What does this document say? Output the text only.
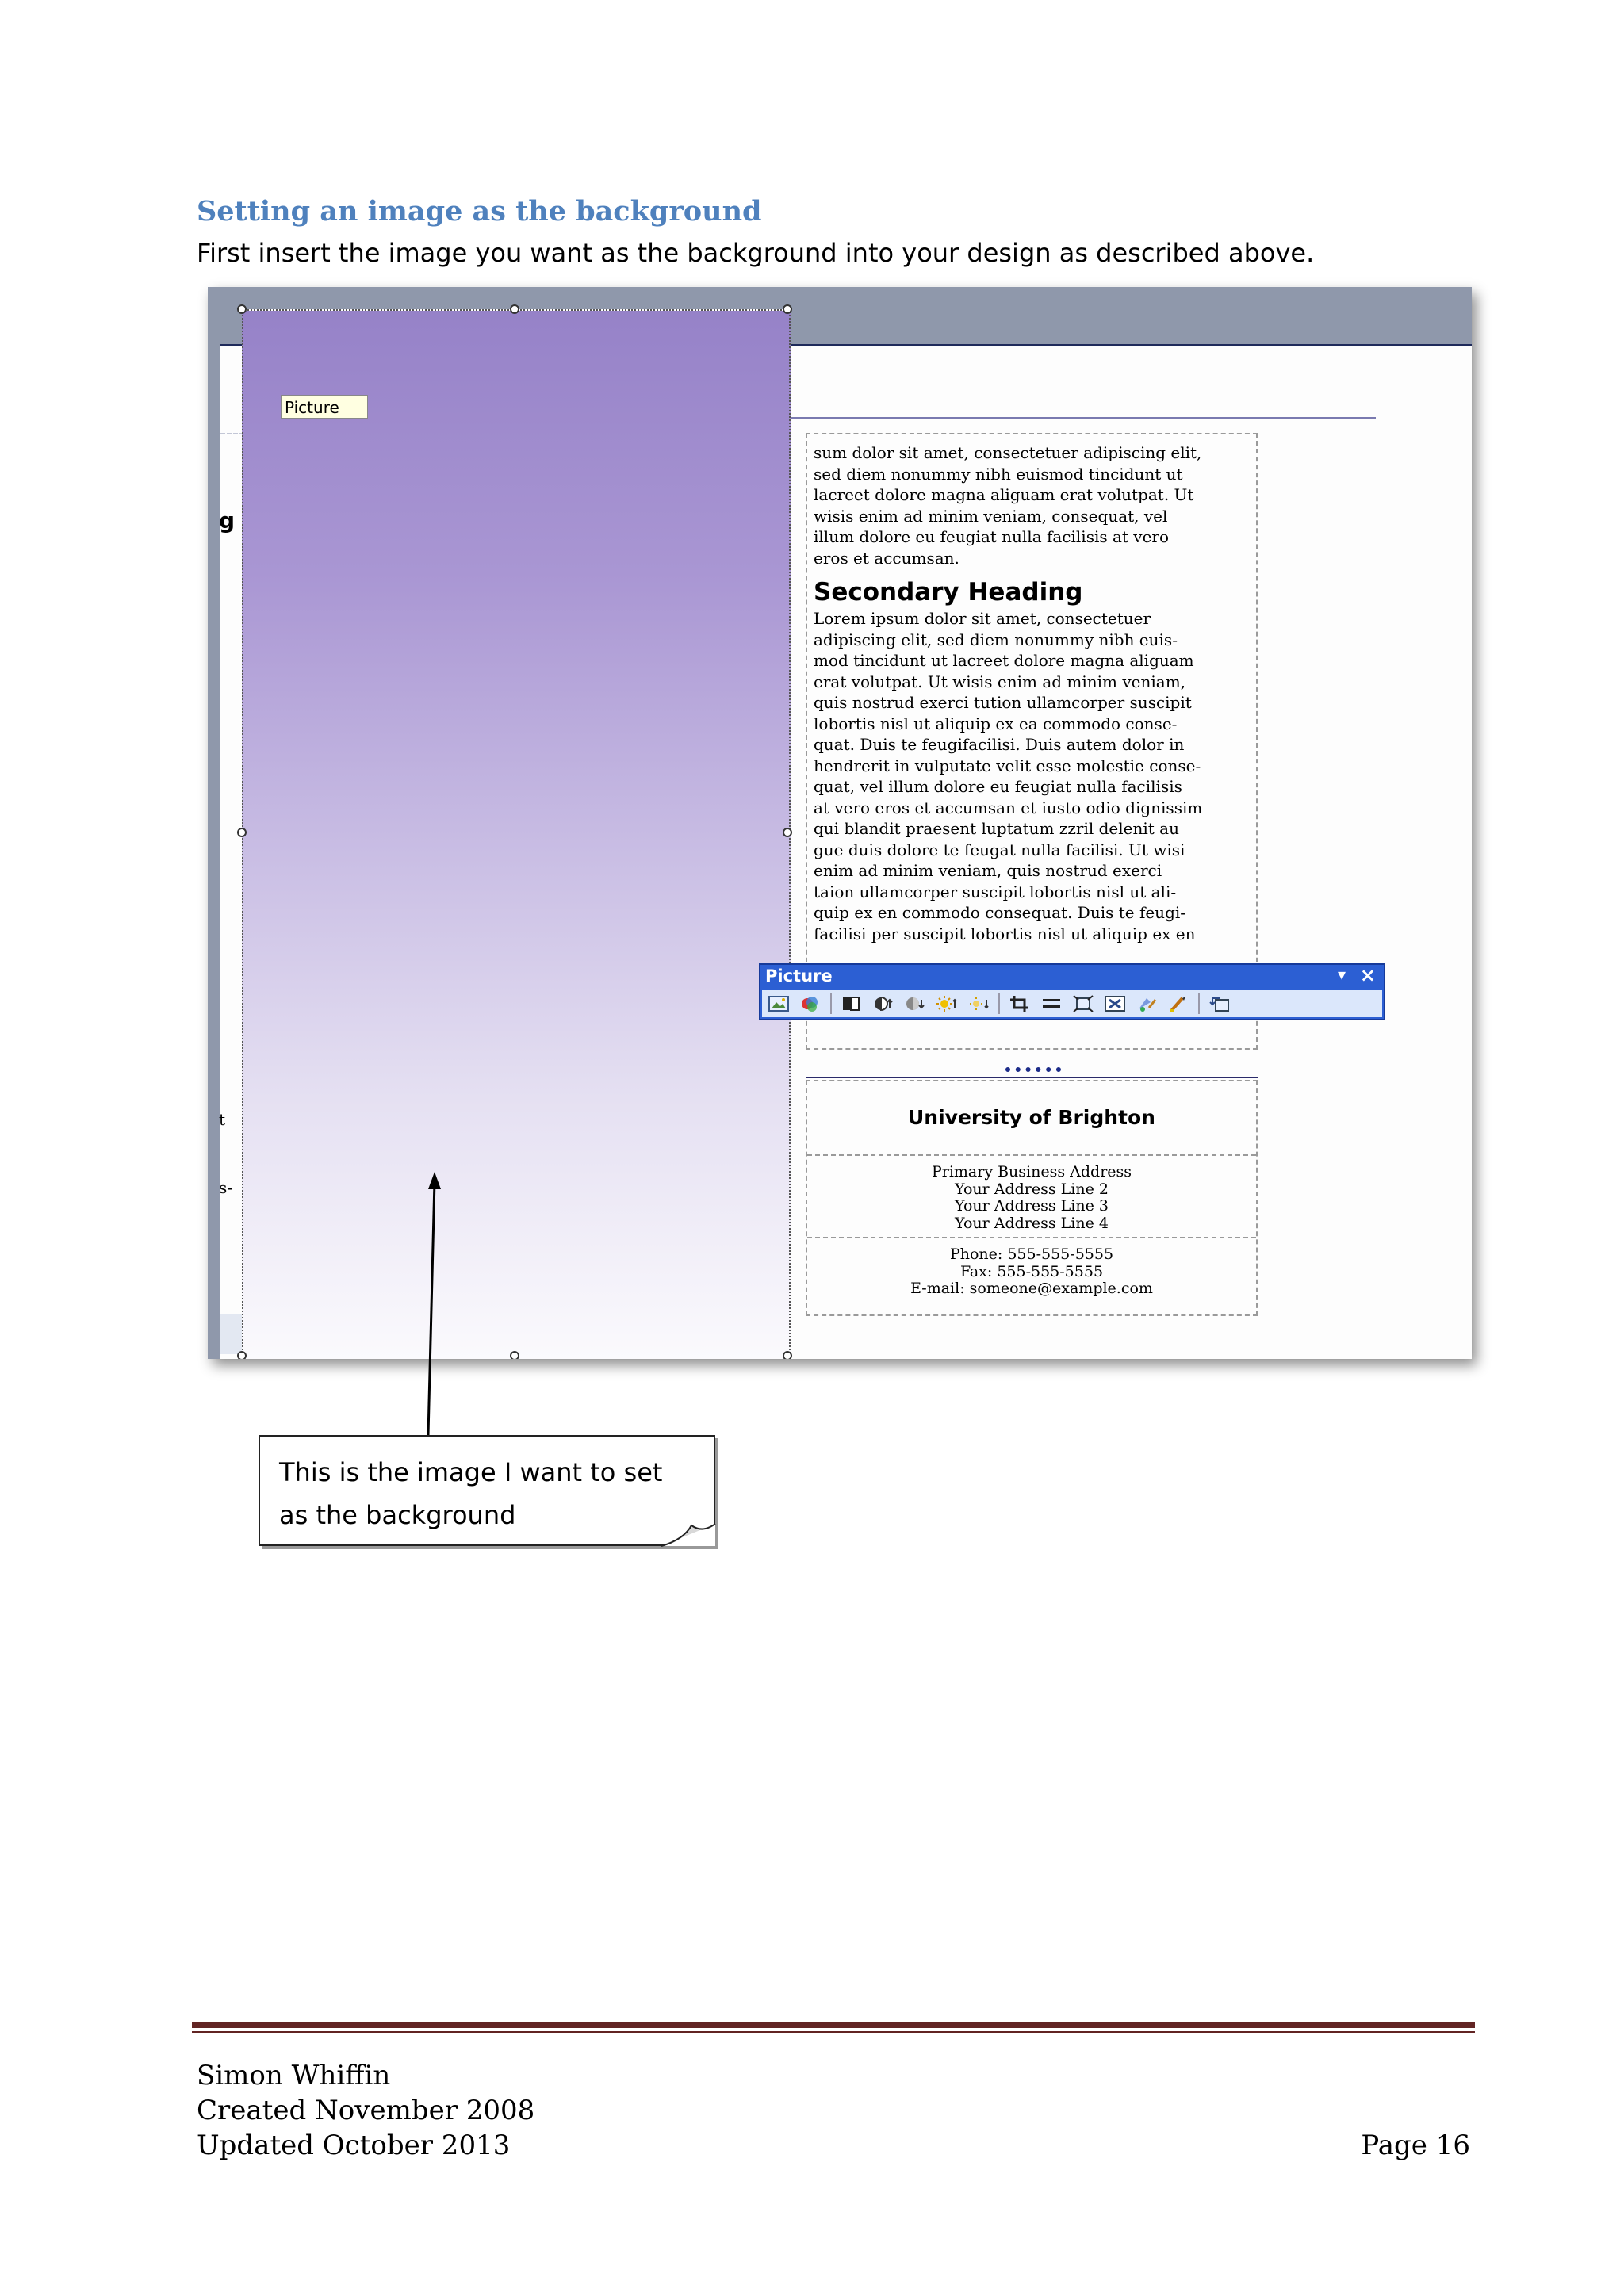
Setting an image as the background
First insert the image you want as the background into your design as described above.
g
t
s-

sum dolor sit amet, consectetuer adipiscing elit,
sed diem nonummy nibh euismod tincidunt ut
lacreet dolore magna aliguam erat volutpat. Ut
wisis enim ad minim veniam, consequat, vel
illum dolore eu feugiat nulla facilisis at vero
eros et accumsan.

Secondary Heading

Lorem ipsum dolor sit amet, consectetuer
adipiscing elit, sed diem nonummy nibh euis-
mod tincidunt ut lacreet dolore magna aliguam
erat volutpat. Ut wisis enim ad minim veniam,
quis nostrud exerci tution ullamcorper suscipit
lobortis nisl ut aliquip ex ea commodo conse-
quat. Duis te feugifacilisi. Duis autem dolor in
hendrerit in vulputate velit esse molestie conse-
quat, vel illum dolore eu feugiat nulla facilisis
at vero eros et accumsan et iusto odio dignissim
qui blandit praesent luptatum zzril delenit au
gue duis dolore te feugat nulla facilisi. Ut wisi
enim ad minim veniam, quis nostrud exerci
taion ullamcorper suscipit lobortis nisl ut ali-
quip ex en commodo consequat. Duis te feugi-
facilisi per suscipit lobortis nisl ut aliquip ex en

University of Brighton
Primary Business Address
Your Address Line 2
Your Address Line 3
Your Address Line 4
Phone: 555-555-5555
Fax: 555-555-5555
E-mail: someone@example.com
Picture
Picture	▾ ×
This is the image I want to set as the background
Simon Whiffin
Created November 2008
Updated October 2013	Page 16
